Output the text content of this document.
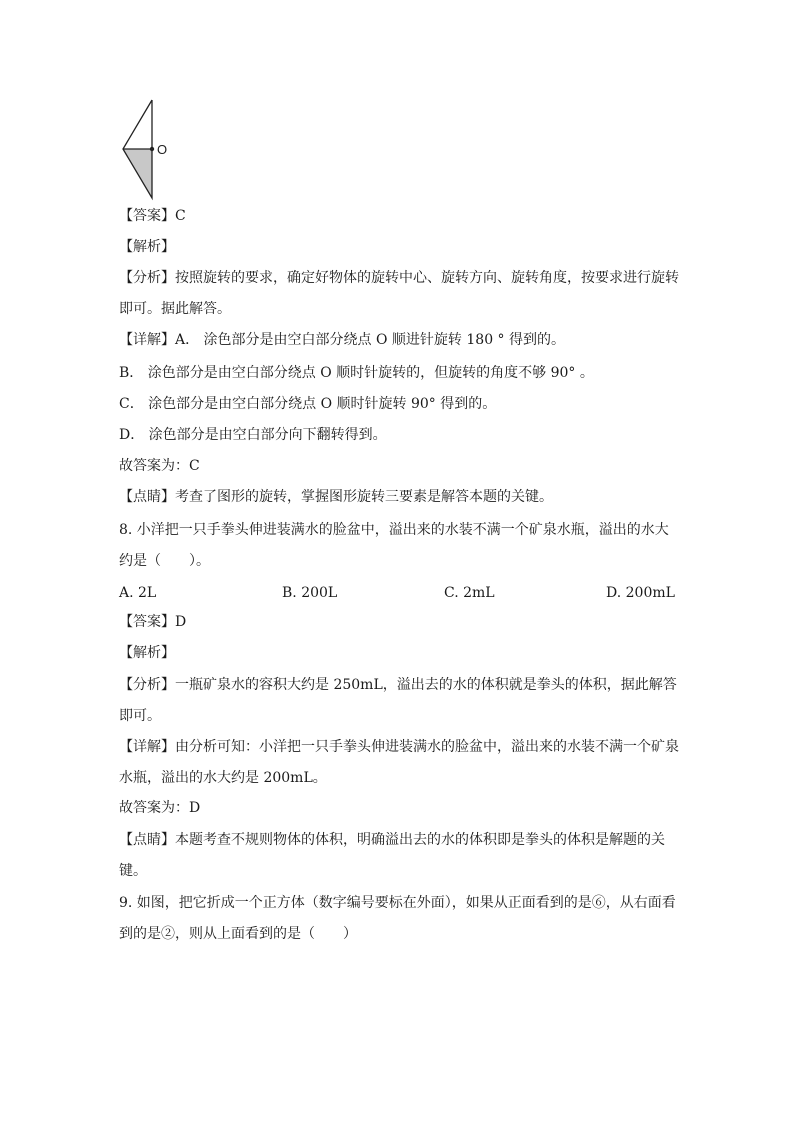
O
【答案】C
【解析】
【分析】按照旋转的要求，确定好物体的旋转中心、旋转方向、旋转角度，按要求进行旋转即可。据此解答。
【详解】A． 涂色部分是由空白部分绕点 O 顺进针旋转 180 ° 得到的。
B． 涂色部分是由空白部分绕点 O 顺时针旋转的，但旋转的角度不够 90° 。
C． 涂色部分是由空白部分绕点 O 顺时针旋转 90° 得到的。
D． 涂色部分是由空白部分向下翻转得到。
故答案为：C
【点睛】考查了图形的旋转，掌握图形旋转三要素是解答本题的关键。
8. 小洋把一只手拳头伸进装满水的脸盆中，溢出来的水装不满一个矿泉水瓶，溢出的水大约是（　　）。
A. 2L	B. 200L	C. 2mL	D. 200mL
【答案】D
【解析】
【分析】一瓶矿泉水的容积大约是 250mL，溢出去的水的体积就是拳头的体积，据此解答即可。
【详解】由分析可知：小洋把一只手拳头伸进装满水的脸盆中，溢出来的水装不满一个矿泉水瓶，溢出的水大约是 200mL。
故答案为：D
【点睛】本题考查不规则物体的体积，明确溢出去的水的体积即是拳头的体积是解题的关键。
9. 如图，把它折成一个正方体（数字编号要标在外面），如果从正面看到的是⑥，从右面看到的是②，则从上面看到的是（　　）
